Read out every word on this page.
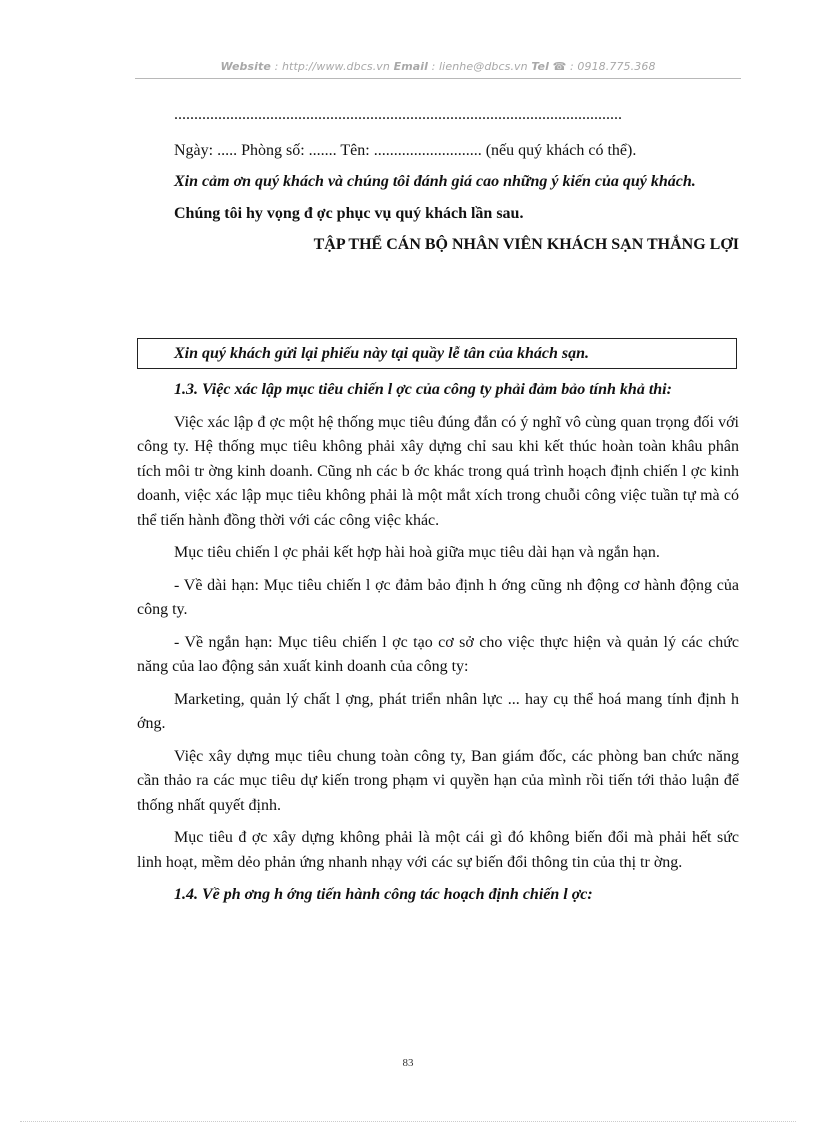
Website : http://www.dbcs.vn Email : lienhe@dbcs.vn Tel ☎ : 0918.775.368

................................................................................................................

Ngày: ..... Phòng số: ....... Tên: ........................... (nếu quý khách có thể).

Xin cảm ơn quý khách và chúng tôi đánh giá cao những ý kiến của quý khách.

Chúng tôi hy vọng đ ợc phục vụ quý khách lần sau.

TẬP THỂ CÁN BỘ NHÂN VIÊN KHÁCH SẠN THẮNG LỢI

Xin quý khách gửi lại phiếu này tại quầy lễ tân của khách sạn.

1.3. Việc xác lập mục tiêu chiến l ợc của công ty phải đảm bảo tính khả thi:

Việc xác lập đ ợc một hệ thống mục tiêu đúng đắn có ý nghĩ vô cùng quan trọng đối với công ty. Hệ thống mục tiêu không phải xây dựng chỉ sau khi kết thúc hoàn toàn khâu phân tích môi tr ờng kinh doanh. Cũng nh các b ớc khác trong quá trình hoạch định chiến l ợc kinh doanh, việc xác lập mục tiêu không phải là một mắt xích trong chuỗi công việc tuần tự mà có thể tiến hành đồng thời với các công việc khác.

Mục tiêu chiến l ợc phải kết hợp hài hoà giữa mục tiêu dài hạn và ngắn hạn.

- Về dài hạn: Mục tiêu chiến l ợc đảm bảo định h ớng cũng nh động cơ hành động của công ty.

- Về ngắn hạn: Mục tiêu chiến l ợc tạo cơ sở cho việc thực hiện và quản lý các chức năng của lao động sản xuất kinh doanh của công ty:

Marketing, quản lý chất l ợng, phát triển nhân lực ... hay cụ thể hoá mang tính định h ớng.

Việc xây dựng mục tiêu chung toàn công ty, Ban giám đốc, các phòng ban chức năng cần thảo ra các mục tiêu dự kiến trong phạm vi quyền hạn của mình rồi tiến tới thảo luận để thống nhất quyết định.

Mục tiêu đ ợc xây dựng không phải là một cái gì đó không biến đổi mà phải hết sức linh hoạt, mềm dẻo phản ứng nhanh nhạy với các sự biến đổi thông tin của thị tr ờng.

1.4. Về ph ơng h ớng tiến hành công tác hoạch định chiến l ợc:

83
